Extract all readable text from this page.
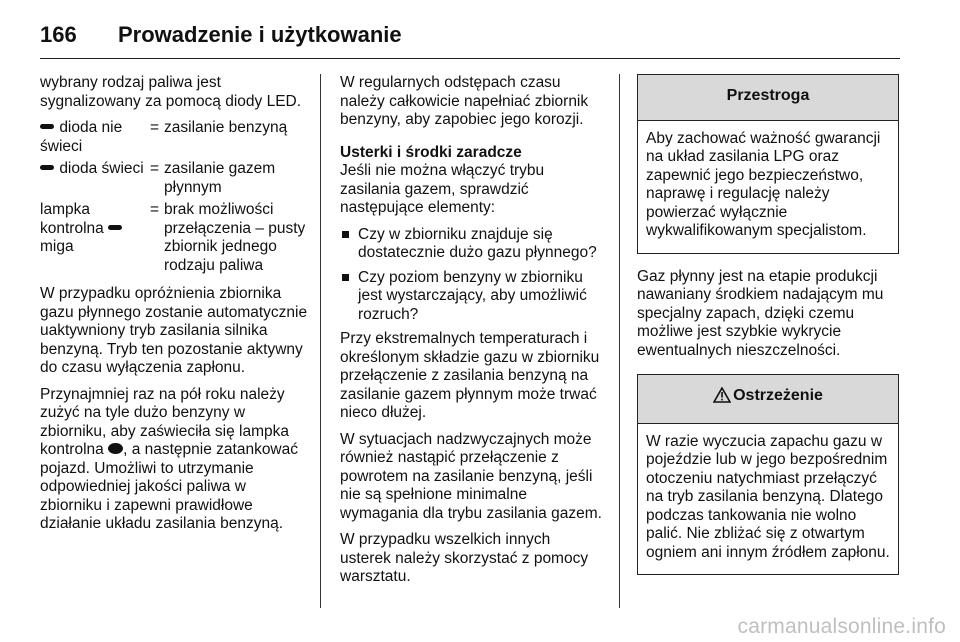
166 Prowadzenie i użytkowanie

wybrany rodzaj paliwa jest sygnalizowany za pomocą diody LED.

dioda nie świeci
= zasilanie benzyną
dioda świeci = zasilanie gazem płynnym
lampka kontrolna  miga
= brak możliwości przełączenia – pusty zbiornik jednego rodzaju paliwa

W przypadku opróżnienia zbiornika gazu płynnego zostanie automatycznie uaktywniony tryb zasilania silnika benzyną. Tryb ten pozostanie aktywny do czasu wyłączenia zapłonu.

Przynajmniej raz na pół roku należy zużyć na tyle dużo benzyny w zbiorniku, aby zaświeciła się lampka kontrolna , a następnie zatankować pojazd. Umożliwi to utrzymanie odpowiedniej jakości paliwa w zbiorniku i zapewni prawidłowe działanie układu zasilania benzyną.

W regularnych odstępach czasu należy całkowicie napełniać zbiornik benzyny, aby zapobiec jego korozji.

Usterki i środki zaradcze

Jeśli nie można włączyć trybu zasilania gazem, sprawdzić następujące elementy:

Czy w zbiorniku znajduje się dostatecznie dużo gazu płynnego?
Czy poziom benzyny w zbiorniku jest wystarczający, aby umożliwić rozruch?

Przy ekstremalnych temperaturach i określonym składzie gazu w zbiorniku przełączenie z zasilania benzyną na zasilanie gazem płynnym może trwać nieco dłużej.

W sytuacjach nadzwyczajnych może również nastąpić przełączenie z powrotem na zasilanie benzyną, jeśli nie są spełnione minimalne wymagania dla trybu zasilania gazem.

W przypadku wszelkich innych usterek należy skorzystać z pomocy warsztatu.

Przestroga
Aby zachować ważność gwarancji na układ zasilania LPG oraz zapewnić jego bezpieczeństwo, naprawę i regulację należy powierzać wyłącznie wykwalifikowanym specjalistom.

Gaz płynny jest na etapie produkcji nawaniany środkiem nadającym mu specjalny zapach, dzięki czemu możliwe jest szybkie wykrycie ewentualnych nieszczelności.

Ostrzeżenie
W razie wyczucia zapachu gazu w pojeździe lub w jego bezpośrednim otoczeniu natychmiast przełączyć na tryb zasilania benzyną. Dlatego podczas tankowania nie wolno palić. Nie zbliżać się z otwartym ogniem ani innym źródłem zapłonu.
carmanualsonline.info
